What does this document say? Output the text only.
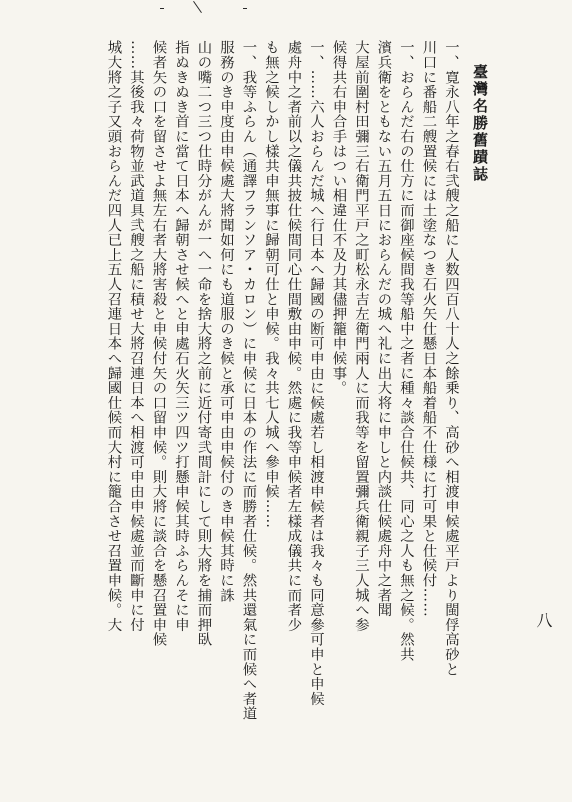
臺灣名勝舊蹟誌
八
一、寛永八年之春右弐艘之船に人数四百八十人之餘乗り、高砂へ相渡申候處平戸より閩俘高砂と
川口に番船二艘置候には土塗なつき石火矢仕懸日本船着船不仕様に打可果と仕候付……
一、おらんだ右の仕方に而御座候間我等船中之者に種々談合仕候共、同心之人も無之候。然共
濱兵衛をともない五月五日におらんだの城へ礼に出大将に申しと内談仕候處舟中之者聞
大屋前圍村田彌三右衛門平戸之町松永吉左衛門兩人に而我等を留置彌兵衛親子三人城へ参
候得共右申合手はつい相違仕不及力其儘押籠申候事。
一、……六人おらんだ城へ行日本へ歸國の断可申由に候處若し相渡申候者は我々も同意參可申と申候
處舟中之者前以之儀共披仕候間同心仕間敷由申候。然處に我等申候者左樣成儀共に而者少
も無之候しかし樣共申無事に歸朝可仕と申候。我々共七人城へ參申候……
一、我等ふらん（通譯フランソア・カロン）に申候に日本の作法に而勝者仕候。然共還氣に而候へ者道
服務のき申度由申候處大將聞如何にも道服のき候と承可申由申候付のき申候其時に誅
山の嘴二つ三つ仕時分がんが一へ一命を捨大將之前に近付寄弐間計にして則大將を捕而押臥
指ぬきぬき首に當て日本へ歸朝させ候へと申處石火矢三ツ四ツ打懸申候其時ふらんそに申
候者矢の口を留させよ無左右者大將害殺と申候付矢の口留申候。則大將に談合を懸召置申候
……其後我々荷物並武道具弐艘之船に積せ大將召連日本へ相渡可申由申候處並而斷申に付
城大將之子又頭おらんだ四人已上五人召連日本へ歸國仕候而大村に籠合させ召置申候。大
